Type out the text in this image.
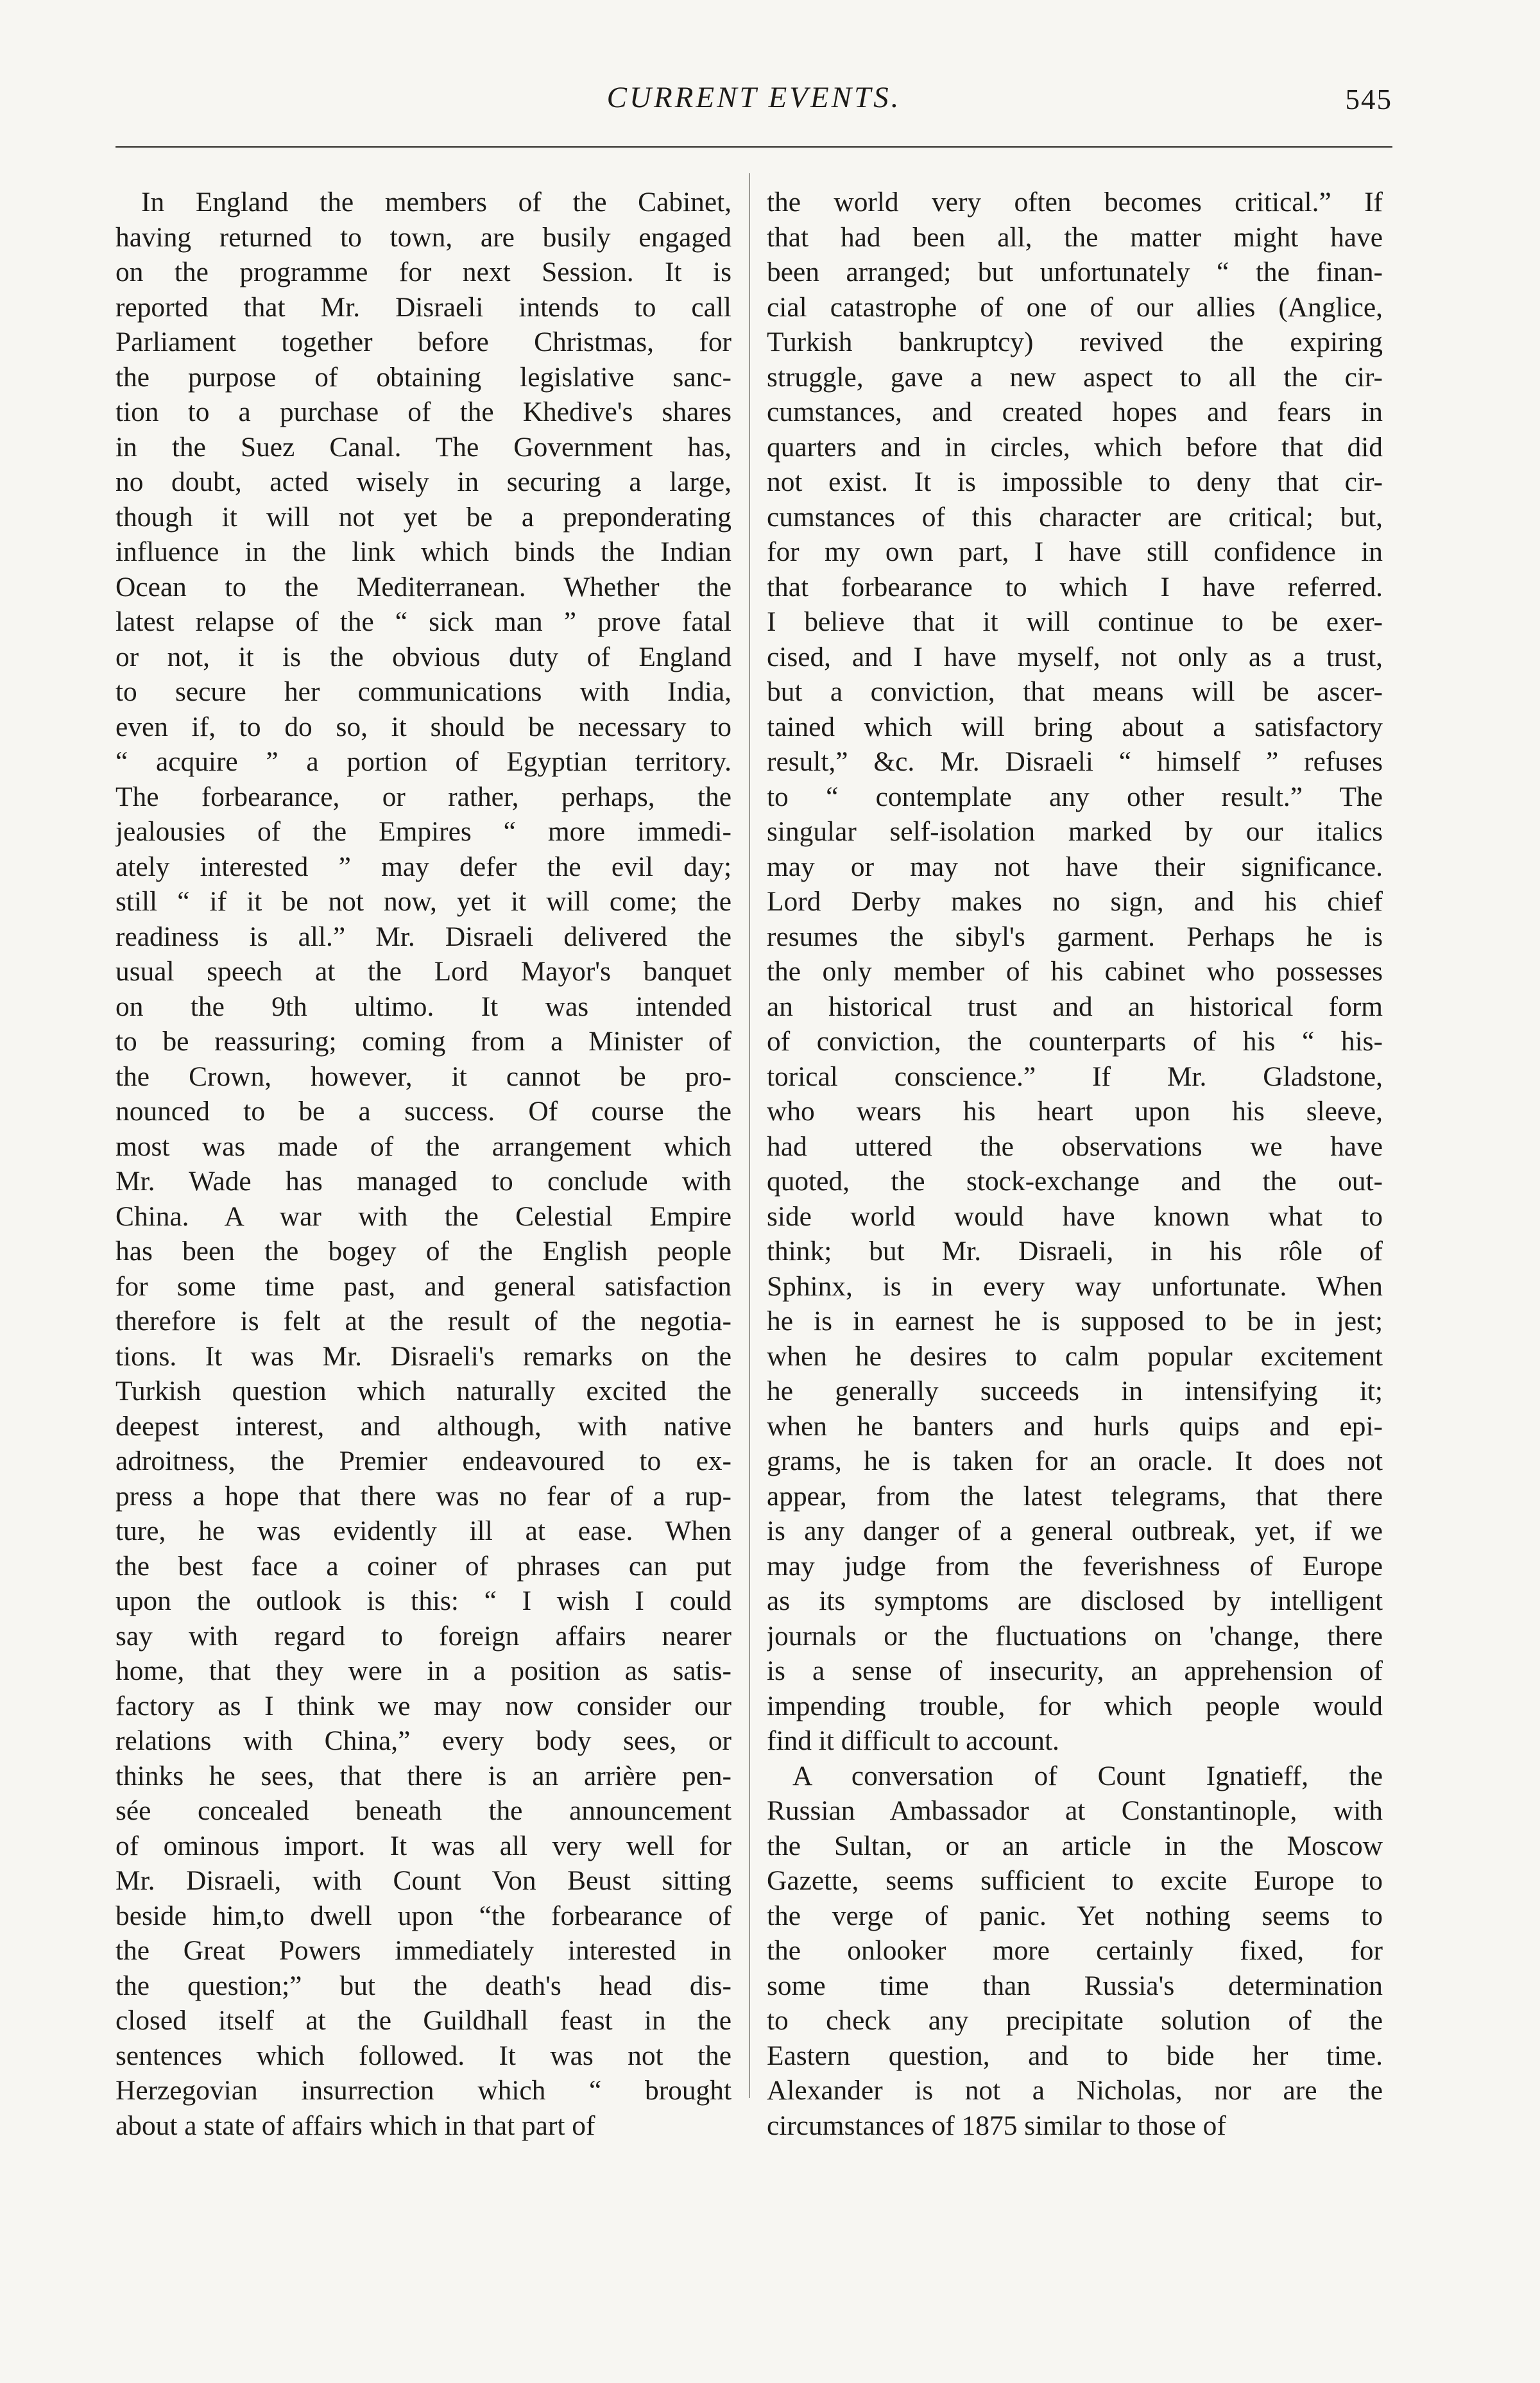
CURRENT EVENTS.	545
In England the members of the Cabinet,
having returned to town, are busily engaged
on the programme for next Session. It is
reported that Mr. Disraeli intends to call
Parliament together before Christmas, for
the purpose of obtaining legislative sanc-
tion to a purchase of the Khedive's shares
in the Suez Canal. The Government has,
no doubt, acted wisely in securing a large,
though it will not yet be a preponderating
influence in the link which binds the Indian
Ocean to the Mediterranean. Whether the
latest relapse of the “ sick man ” prove fatal
or not, it is the obvious duty of England
to secure her communications with India,
even if, to do so, it should be necessary to
“ acquire ” a portion of Egyptian territory.
The forbearance, or rather, perhaps, the
jealousies of the Empires “ more immedi-
ately interested ” may defer the evil day;
still “ if it be not now, yet it will come; the
readiness is all.” Mr. Disraeli delivered the
usual speech at the Lord Mayor's banquet
on the 9th ultimo. It was intended
to be reassuring; coming from a Minister of
the Crown, however, it cannot be pro-
nounced to be a success. Of course the
most was made of the arrangement which
Mr. Wade has managed to conclude with
China. A war with the Celestial Empire
has been the bogey of the English people
for some time past, and general satisfaction
therefore is felt at the result of the negotia-
tions. It was Mr. Disraeli's remarks on the
Turkish question which naturally excited the
deepest interest, and although, with native
adroitness, the Premier endeavoured to ex-
press a hope that there was no fear of a rup-
ture, he was evidently ill at ease. When
the best face a coiner of phrases can put
upon the outlook is this: “ I wish I could
say with regard to foreign affairs nearer
home, that they were in a position as satis-
factory as I think we may now consider our
relations with China,” every body sees, or
thinks he sees, that there is an arrière pen-
sée concealed beneath the announcement
of ominous import. It was all very well for
Mr. Disraeli, with Count Von Beust sitting
beside him,to dwell upon “the forbearance of
the Great Powers immediately interested in
the question;” but the death's head dis-
closed itself at the Guildhall feast in the
sentences which followed. It was not the
Herzegovian insurrection which “ brought
about a state of affairs which in that part of
the world very often becomes critical.” If
that had been all, the matter might have
been arranged; but unfortunately “ the finan-
cial catastrophe of one of our allies (Anglice,
Turkish bankruptcy) revived the expiring
struggle, gave a new aspect to all the cir-
cumstances, and created hopes and fears in
quarters and in circles, which before that did
not exist. It is impossible to deny that cir-
cumstances of this character are critical; but,
for my own part, I have still confidence in
that forbearance to which I have referred.
I believe that it will continue to be exer-
cised, and I have myself, not only as a trust,
but a conviction, that means will be ascer-
tained which will bring about a satisfactory
result,” &c. Mr. Disraeli “ himself ” refuses
to “ contemplate any other result.” The
singular self-isolation marked by our italics
may or may not have their significance.
Lord Derby makes no sign, and his chief
resumes the sibyl's garment. Perhaps he is
the only member of his cabinet who possesses
an historical trust and an historical form
of conviction, the counterparts of his “ his-
torical conscience.” If Mr. Gladstone,
who wears his heart upon his sleeve,
had uttered the observations we have
quoted, the stock-exchange and the out-
side world would have known what to
think; but Mr. Disraeli, in his rôle of
Sphinx, is in every way unfortunate. When
he is in earnest he is supposed to be in jest;
when he desires to calm popular excitement
he generally succeeds in intensifying it;
when he banters and hurls quips and epi-
grams, he is taken for an oracle. It does not
appear, from the latest telegrams, that there
is any danger of a general outbreak, yet, if we
may judge from the feverishness of Europe
as its symptoms are disclosed by intelligent
journals or the fluctuations on 'change, there
is a sense of insecurity, an apprehension of
impending trouble, for which people would
find it difficult to account.
A conversation of Count Ignatieff, the
Russian Ambassador at Constantinople, with
the Sultan, or an article in the Moscow
Gazette, seems sufficient to excite Europe to
the verge of panic. Yet nothing seems to
the onlooker more certainly fixed, for
some time than Russia's determination
to check any precipitate solution of the
Eastern question, and to bide her time.
Alexander is not a Nicholas, nor are the
circumstances of 1875 similar to those of
